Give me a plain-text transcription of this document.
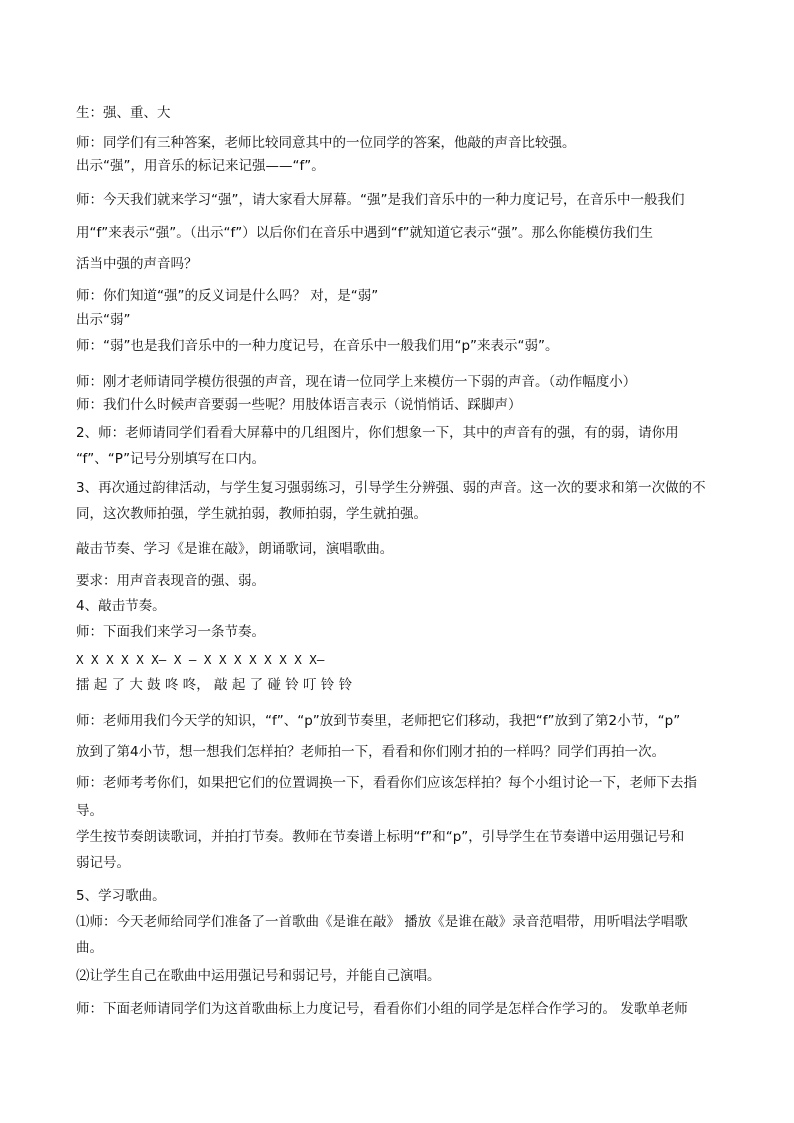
生：强、重、大
师：同学们有三种答案，老师比较同意其中的一位同学的答案，他敲的声音比较强。
出示“强”，用音乐的标记来记强——“f”。
师：今天我们就来学习“强”，请大家看大屏幕。“强”是我们音乐中的一种力度记号，在音乐中一般我们
用“f”来表示“强”。（出示“f”）以后你们在音乐中遇到“f”就知道它表示“强”。那么你能模仿我们生
活当中强的声音吗？
师：你们知道“强”的反义词是什么吗？ 对，是“弱”
出示“弱”
师：“弱”也是我们音乐中的一种力度记号，在音乐中一般我们用“p”来表示“弱”。
师：刚才老师请同学模仿很强的声音，现在请一位同学上来模仿一下弱的声音。（动作幅度小）
师：我们什么时候声音要弱一些呢？用肢体语言表示（说悄悄话、踩脚声）
2、师：老师请同学们看看大屏幕中的几组图片，你们想象一下，其中的声音有的强，有的弱，请你用
“f”、“P”记号分别填写在口内。
3、再次通过韵律活动，与学生复习强弱练习，引导学生分辨强、弱的声音。这一次的要求和第一次做的不
同，这次教师拍强，学生就拍弱，教师拍弱，学生就拍强。
敲击节奏、学习《是谁在敲》，朗诵歌词，演唱歌曲。
要求：用声音表现音的强、弱。
4、敲击节奏。
师：下面我们来学习一条节奏。
X X X X X X— X — X X X X X X X X—
擂 起 了 大 鼓 咚 咚， 敲 起 了 碰 铃 叮 铃 铃
师：老师用我们今天学的知识，“f”、“p”放到节奏里，老师把它们移动，我把“f”放到了第2小节，“p”
放到了第4小节，想一想我们怎样拍？老师拍一下，看看和你们刚才拍的一样吗？同学们再拍一次。
师：老师考考你们，如果把它们的位置调换一下，看看你们应该怎样拍？每个小组讨论一下，老师下去指
导。
学生按节奏朗读歌词，并拍打节奏。教师在节奏谱上标明“f”和“p”，引导学生在节奏谱中运用强记号和
弱记号。
5、学习歌曲。
⑴师：今天老师给同学们准备了一首歌曲《是谁在敲》 播放《是谁在敲》录音范唱带，用听唱法学唱歌
曲。
⑵让学生自己在歌曲中运用强记号和弱记号，并能自己演唱。
师：下面老师请同学们为这首歌曲标上力度记号，看看你们小组的同学是怎样合作学习的。 发歌单老师
